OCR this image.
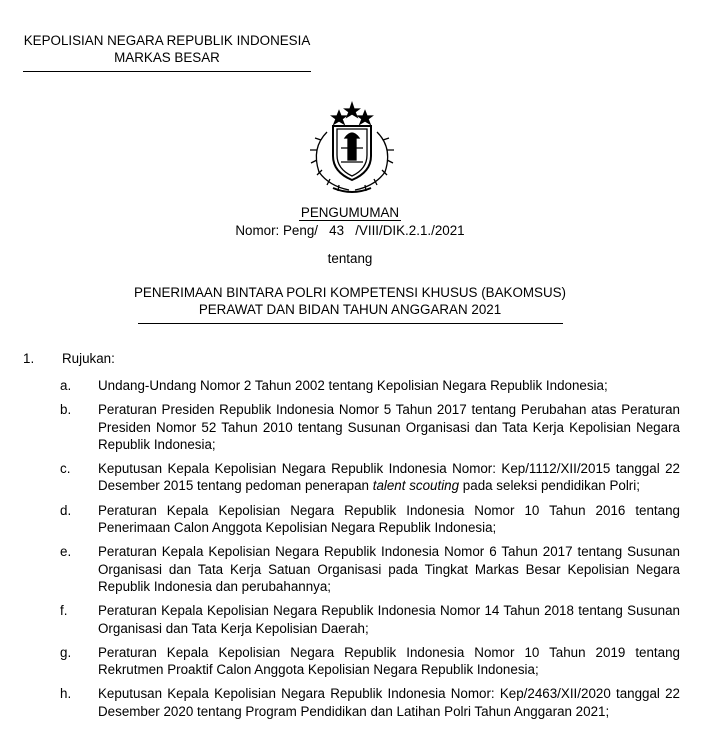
KEPOLISIAN NEGARA REPUBLIK INDONESIA
MARKAS BESAR
PENGUMUMAN
Nomor: Peng/   43   /VIII/DIK.2.1./2021
tentang
PENERIMAAN BINTARA POLRI KOMPETENSI KHUSUS (BAKOMSUS)
PERAWAT DAN BIDAN TAHUN ANGGARAN 2021
1. Rujukan:
a.	Undang-Undang Nomor 2 Tahun 2002 tentang Kepolisian Negara Republik Indonesia;
b.	Peraturan Presiden Republik Indonesia Nomor 5 Tahun 2017 tentang Perubahan atas Peraturan Presiden Nomor 52 Tahun 2010 tentang Susunan Organisasi dan Tata Kerja Kepolisian Negara Republik Indonesia;
c.	Keputusan Kepala Kepolisian Negara Republik Indonesia Nomor: Kep/1112/XII/2015 tanggal 22 Desember 2015 tentang pedoman penerapan talent scouting pada seleksi pendidikan Polri;
d.	Peraturan Kepala Kepolisian Negara Republik Indonesia Nomor 10 Tahun 2016 tentang Penerimaan Calon Anggota Kepolisian Negara Republik Indonesia;
e.	Peraturan Kepala Kepolisian Negara Republik Indonesia Nomor 6 Tahun 2017 tentang Susunan Organisasi dan Tata Kerja Satuan Organisasi pada Tingkat Markas Besar Kepolisian Negara Republik Indonesia dan perubahannya;
f.	Peraturan Kepala Kepolisian Negara Republik Indonesia Nomor 14 Tahun 2018 tentang Susunan Organisasi dan Tata Kerja Kepolisian Daerah;
g.	Peraturan Kepala Kepolisian Negara Republik Indonesia Nomor 10 Tahun 2019 tentang Rekrutmen Proaktif Calon Anggota Kepolisian Negara Republik Indonesia;
h.	Keputusan Kepala Kepolisian Negara Republik Indonesia Nomor: Kep/2463/XII/2020 tanggal 22 Desember 2020 tentang Program Pendidikan dan Latihan Polri Tahun Anggaran 2021;
